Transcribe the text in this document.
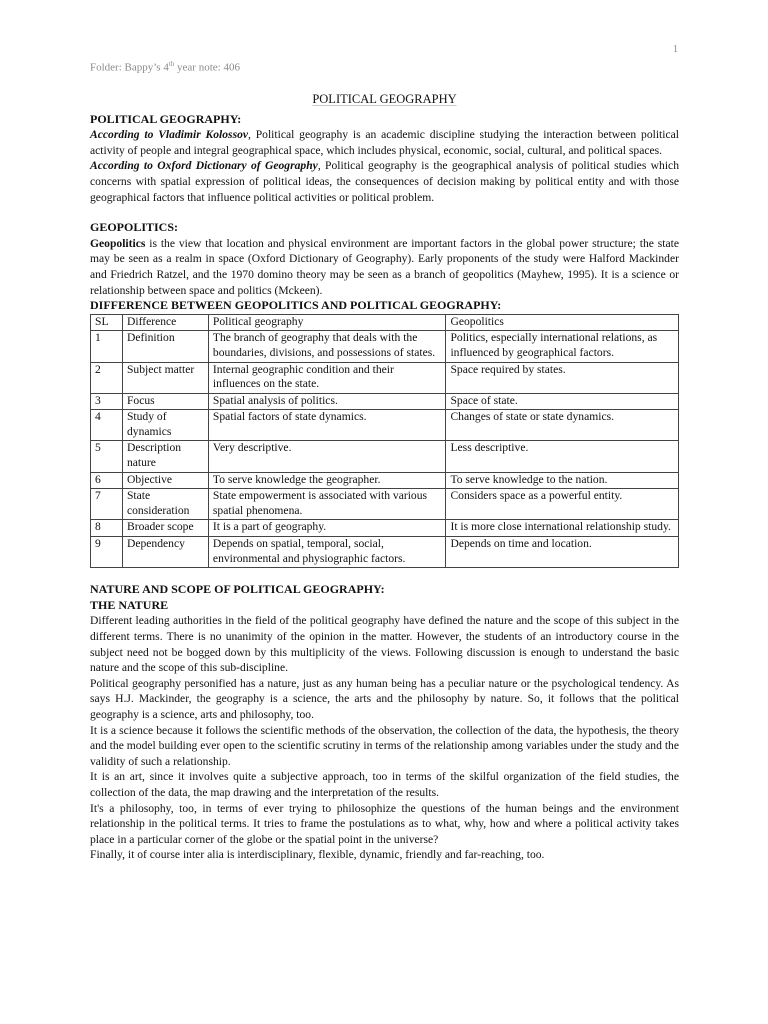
1
Folder: Bappy’s 4th year note: 406
POLITICAL GEOGRAPHY
POLITICAL GEOGRAPHY:

According to Vladimir Kolossov, Political geography is an academic discipline studying the interaction between political activity of people and integral geographical space, which includes physical, economic, social, cultural, and political spaces.

According to Oxford Dictionary of Geography, Political geography is the geographical analysis of political studies which concerns with spatial expression of political ideas, the consequences of decision making by political entity and with those geographical factors that influence political activities or political problem.

GEOPOLITICS:

Geopolitics is the view that location and physical environment are important factors in the global power structure; the state may be seen as a realm in space (Oxford Dictionary of Geography). Early proponents of the study were Halford Mackinder and Friedrich Ratzel, and the 1970 domino theory may be seen as a branch of geopolitics (Mayhew, 1995). It is a science or relationship between space and politics (Mckeen).

DIFFERENCE BETWEEN GEOPOLITICS AND POLITICAL GEOGRAPHY:
SL	Difference	Political geography	Geopolitics
1	Definition	The branch of geography that deals with the boundaries, divisions, and possessions of states.	Politics, especially international relations, as influenced by geographical factors.
2	Subject matter	Internal geographic condition and their influences on the state.	Space required by states.
3	Focus	Spatial analysis of politics.	Space of state.
4	Study of dynamics	Spatial factors of state dynamics.	Changes of state or state dynamics.
5	Description nature	Very descriptive.	Less descriptive.
6	Objective	To serve knowledge the geographer.	To serve knowledge to the nation.
7	State consideration	State empowerment is associated with various spatial phenomena.	Considers space as a powerful entity.
8	Broader scope	It is a part of geography.	It is more close international relationship study.
9	Dependency	Depends on spatial, temporal, social, environmental and physiographic factors.	Depends on time and location.
NATURE AND SCOPE OF POLITICAL GEOGRAPHY:
THE NATURE

Different leading authorities in the field of the political geography have defined the nature and the scope of this subject in the different terms. There is no unanimity of the opinion in the matter. However, the students of an introductory course in the subject need not be bogged down by this multiplicity of the views. Following discussion is enough to understand the basic nature and the scope of this sub-discipline.

Political geography personified has a nature, just as any human being has a peculiar nature or the psychological tendency. As says H.J. Mackinder, the geography is a science, the arts and the philosophy by nature. So, it follows that the political geography is a science, arts and philosophy, too.

It is a science because it follows the scientific methods of the observation, the collection of the data, the hypothesis, the theory and the model building ever open to the scientific scrutiny in terms of the relationship among variables under the study and the validity of such a relationship.

It is an art, since it involves quite a subjective approach, too in terms of the skilful organization of the field studies, the collection of the data, the map drawing and the interpretation of the results.

It's a philosophy, too, in terms of ever trying to philosophize the questions of the human beings and the environment relationship in the political terms. It tries to frame the postulations as to what, why, how and where a political activity takes place in a particular corner of the globe or the spatial point in the universe?

Finally, it of course inter alia is interdisciplinary, flexible, dynamic, friendly and far-reaching, too.
